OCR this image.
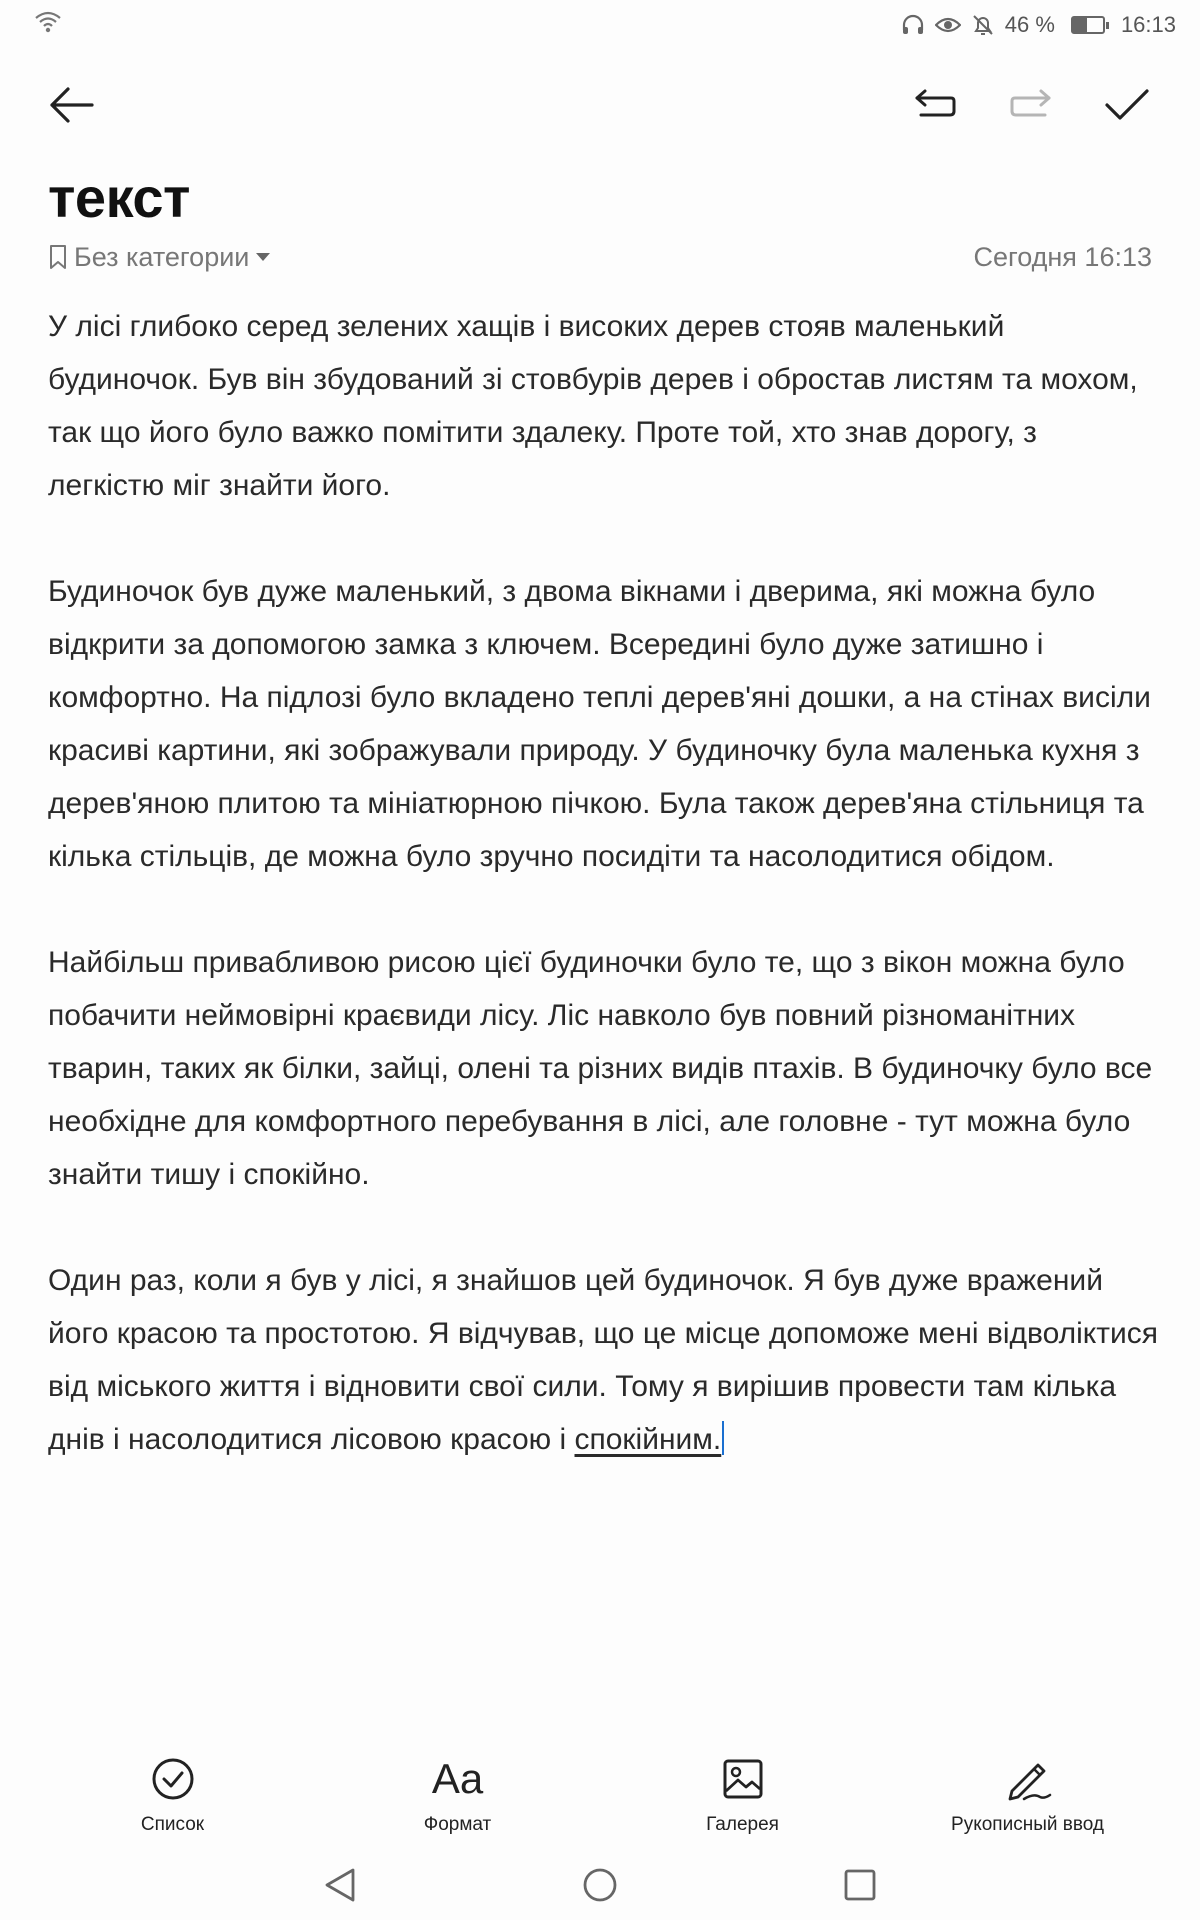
46 %	16:13
текст
Без категории	Сегодня 16:13

У лісі глибоко серед зелених хащів і високих дерев стояв маленький будиночок. Був він збудований зі стовбурів дерев і обростав листям та мохом, так що його було важко помітити здалеку. Проте той, хто знав дорогу, з легкістю міг знайти його.

Будиночок був дуже маленький, з двома вікнами і дверима, які можна було відкрити за допомогою замка з ключем. Всередині було дуже затишно і комфортно. На підлозі було вкладено теплі дерев'яні дошки, а на стінах висіли красиві картини, які зображували природу. У будиночку була маленька кухня з дерев'яною плитою та мініатюрною пічкою. Була також дерев'яна стільниця та кілька стільців, де можна було зручно посидіти та насолодитися обідом.

Найбільш привабливою рисою цієї будиночки було те, що з вікон можна було побачити неймовірні краєвиди лісу. Ліс навколо був повний різноманітних тварин, таких як білки, зайці, олені та різних видів птахів. В будиночку було все необхідне для комфортного перебування в лісі, але головне - тут можна було знайти тишу і спокійно.

Один раз, коли я був у лісі, я знайшов цей будиночок. Я був дуже вражений його красою та простотою. Я відчував, що це місце допоможе мені відволіктися від міського життя і відновити свої сили. Тому я вирішив провести там кілька днів і насолодитися лісовою красою і спокійним.

Список
Aa
Формат	Галерея	Рукописный ввод
